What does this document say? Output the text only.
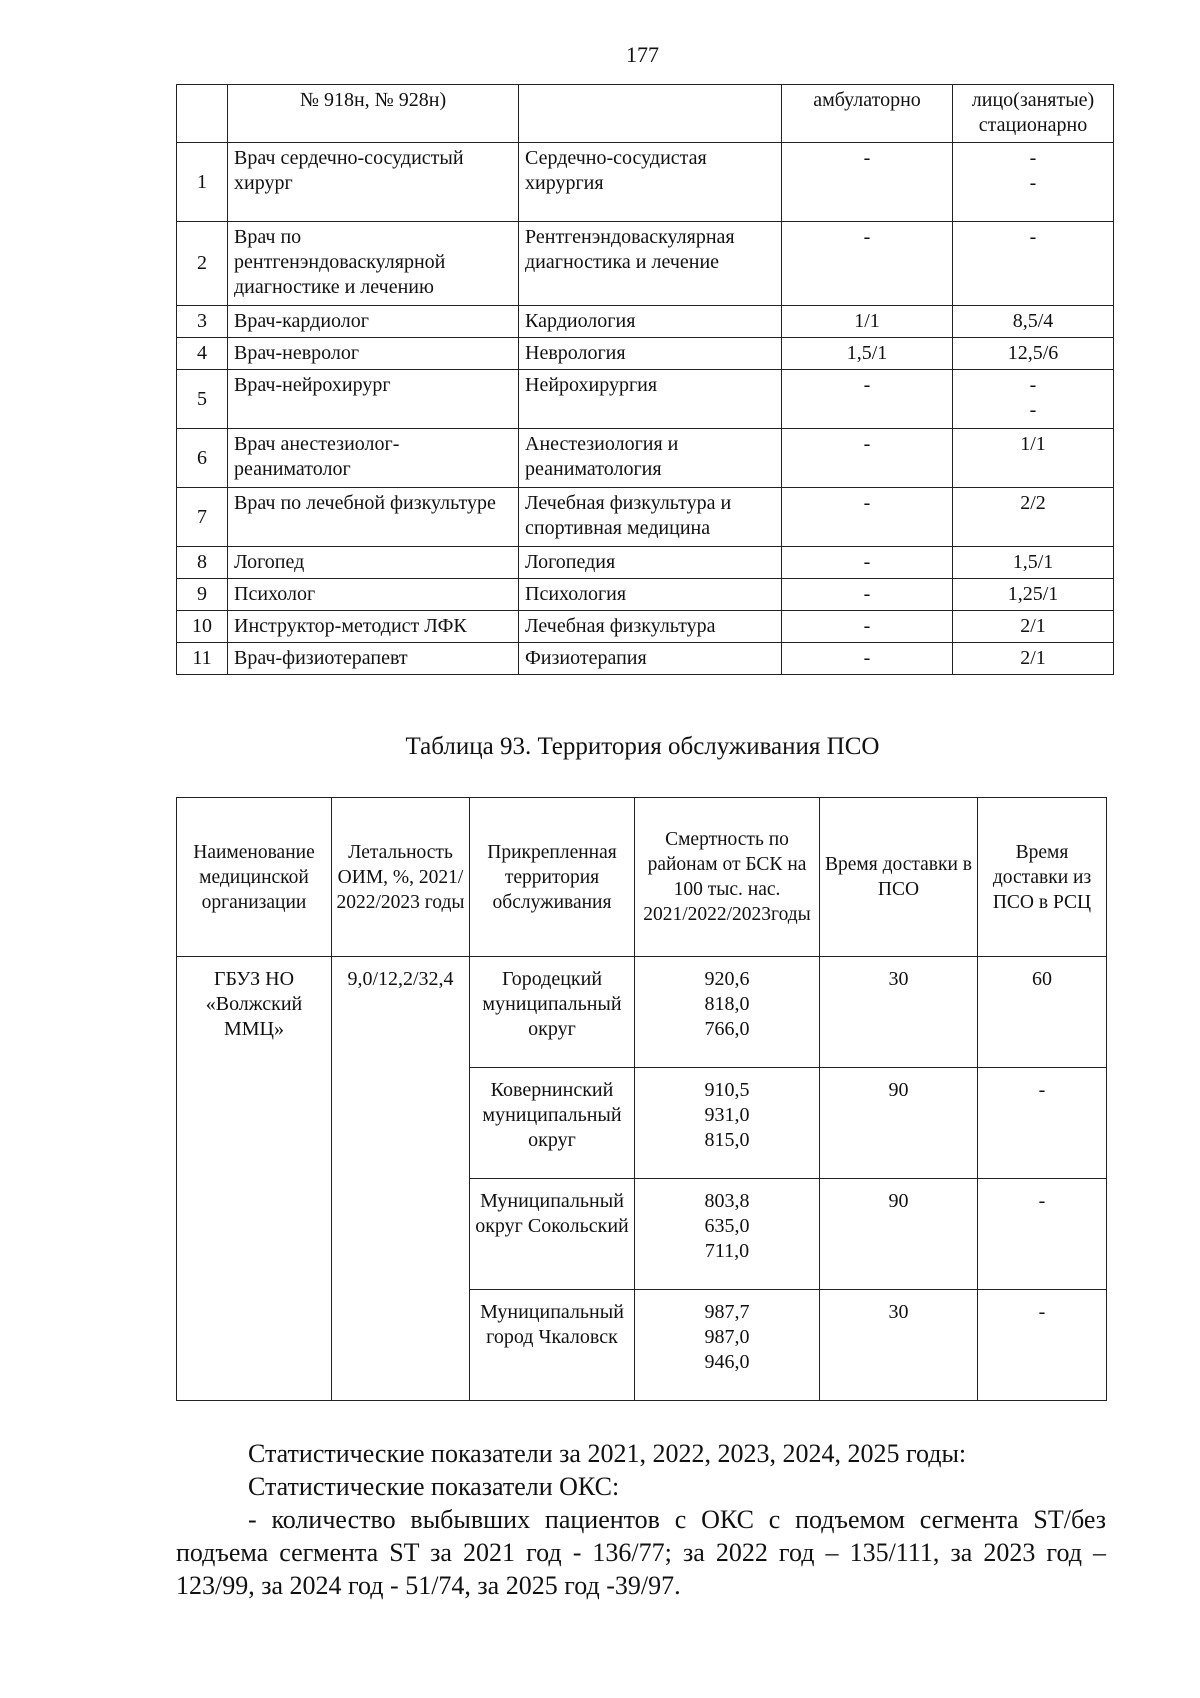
177
	№ 918н, № 928н)		амбулаторно	лицо(занятые) стационарно
1	Врач сердечно-сосудистый хирург	Сердечно-сосудистая хирургия	-	-
-
2	Врач по рентгенэндоваскулярной диагностике и лечению	Рентгенэндоваскулярная диагностика и лечение	-	-
3	Врач-кардиолог	Кардиология	1/1	8,5/4
4	Врач-невролог	Неврология	1,5/1	12,5/6
5	Врач-нейрохирург	Нейрохирургия	-	-
-
6	Врач анестезиолог-реаниматолог	Анестезиология и реаниматология	-	1/1
7	Врач по лечебной физкультуре	Лечебная физкультура и спортивная медицина	-	2/2
8	Логопед	Логопедия	-	1,5/1
9	Психолог	Психология	-	1,25/1
10	Инструктор-методист ЛФК	Лечебная физкультура	-	2/1
11	Врач-физиотерапевт	Физиотерапия	-	2/1
Таблица 93. Территория обслуживания ПСО
Наименование медицинской организации	Летальность ОИМ, %, 2021/ 2022/2023 годы	Прикрепленная территория обслуживания	Смертность по районам от БСК на 100 тыс. нас. 2021/2022/2023годы	Время доставки в ПСО	Время доставки из ПСО в РСЦ
ГБУЗ НО «Волжский ММЦ»	9,0/12,2/32,4	Городецкий муниципальный округ	920,6
818,0
766,0	30	60
		Ковернинский муниципальный округ	910,5
931,0
815,0	90	-
		Муниципальный округ Сокольский	803,8
635,0
711,0	90	-
		Муниципальный город Чкаловск	987,7
987,0
946,0	30	-
Статистические показатели за 2021, 2022, 2023, 2024, 2025 годы:
Статистические показатели ОКС:
- количество выбывших пациентов с ОКС с подъемом сегмента ST/без подъема сегмента ST за 2021 год - 136/77; за 2022 год – 135/111, за 2023 год – 123/99, за 2024 год - 51/74, за 2025 год -39/97.
